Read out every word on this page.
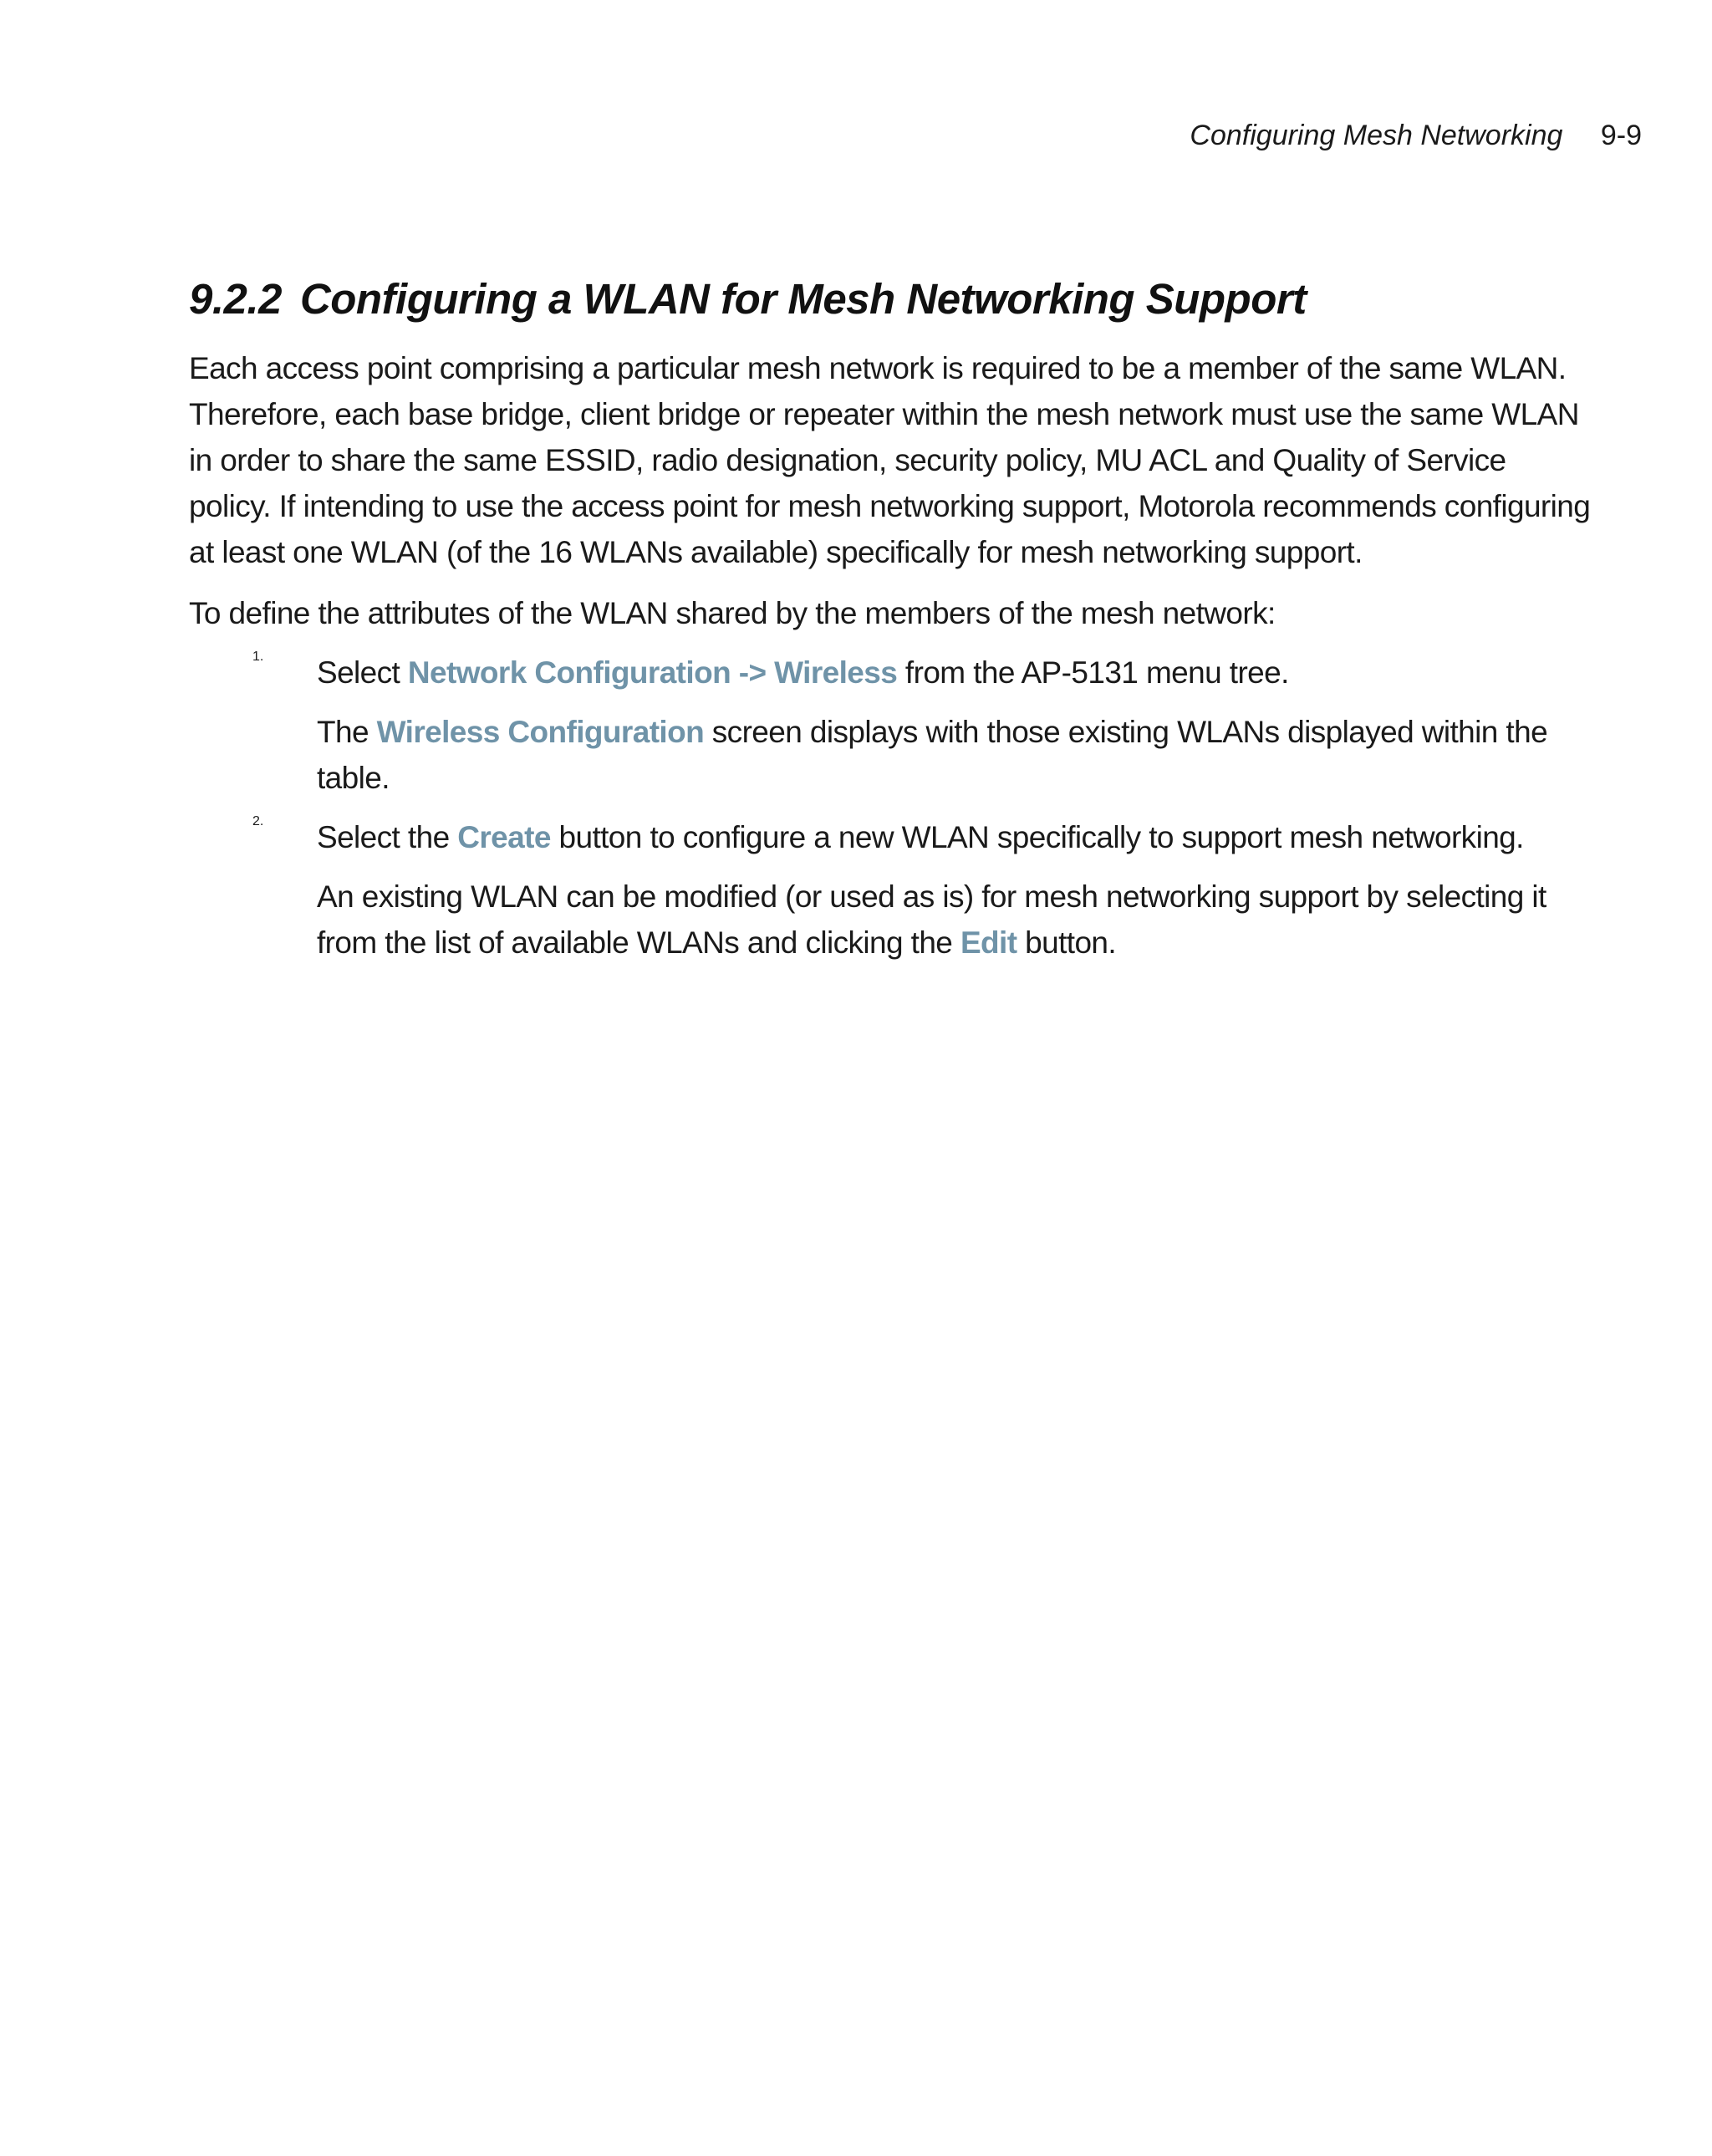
Configuring Mesh Networking 9-9
9.2.2 Configuring a WLAN for Mesh Networking Support

Each access point comprising a particular mesh network is required to be a member of the same WLAN. Therefore, each base bridge, client bridge or repeater within the mesh network must use the same WLAN in order to share the same ESSID, radio designation, security policy, MU ACL and Quality of Service policy. If intending to use the access point for mesh networking support, Motorola recommends configuring at least one WLAN (of the 16 WLANs available) specifically for mesh networking support.

To define the attributes of the WLAN shared by the members of the mesh network:

1. Select Network Configuration -> Wireless from the AP-5131 menu tree.

The Wireless Configuration screen displays with those existing WLANs displayed within the table.

2. Select the Create button to configure a new WLAN specifically to support mesh networking.

An existing WLAN can be modified (or used as is) for mesh networking support by selecting it from the list of available WLANs and clicking the Edit button.
